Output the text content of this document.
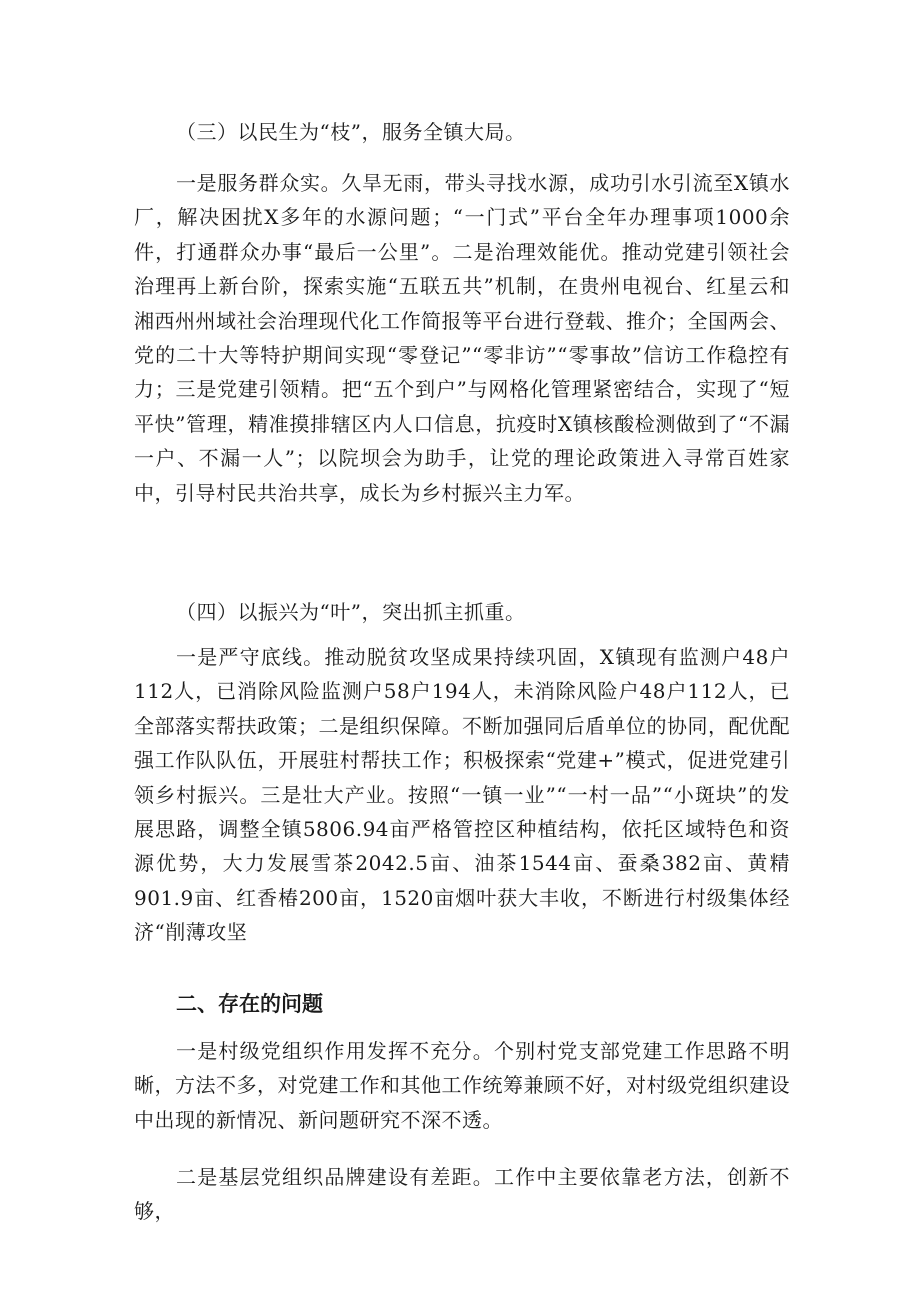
（三）以民生为“枝”，服务全镇大局。

一是服务群众实。久旱无雨，带头寻找水源，成功引水引流至X镇水厂，解决困扰X多年的水源问题；“一门式”平台全年办理事项1000余件，打通群众办事“最后一公里”。二是治理效能优。推动党建引领社会治理再上新台阶，探索实施“五联五共”机制，在贵州电视台、红星云和湘西州州域社会治理现代化工作简报等平台进行登载、推介；全国两会、党的二十大等特护期间实现“零登记”“零非访”“零事故”信访工作稳控有力；三是党建引领精。把“五个到户”与网格化管理紧密结合，实现了“短平快”管理，精准摸排辖区内人口信息，抗疫时X镇核酸检测做到了“不漏一户、不漏一人”；以院坝会为助手，让党的理论政策进入寻常百姓家中，引导村民共治共享，成长为乡村振兴主力军。

（四）以振兴为“叶”，突出抓主抓重。

一是严守底线。推动脱贫攻坚成果持续巩固，X镇现有监测户48户112人，已消除风险监测户58户194人，未消除风险户48户112人，已全部落实帮扶政策；二是组织保障。不断加强同后盾单位的协同，配优配强工作队队伍，开展驻村帮扶工作；积极探索“党建+”模式，促进党建引领乡村振兴。三是壮大产业。按照“一镇一业”“一村一品”“小斑块”的发展思路，调整全镇5806.94亩严格管控区种植结构，依托区域特色和资源优势，大力发展雪茶2042.5亩、油茶1544亩、蚕桑382亩、黄精901.9亩、红香椿200亩，1520亩烟叶获大丰收，不断进行村级集体经济“削薄攻坚

二、存在的问题

一是村级党组织作用发挥不充分。个别村党支部党建工作思路不明晰，方法不多，对党建工作和其他工作统筹兼顾不好，对村级党组织建设中出现的新情况、新问题研究不深不透。

二是基层党组织品牌建设有差距。工作中主要依靠老方法，创新不够，
